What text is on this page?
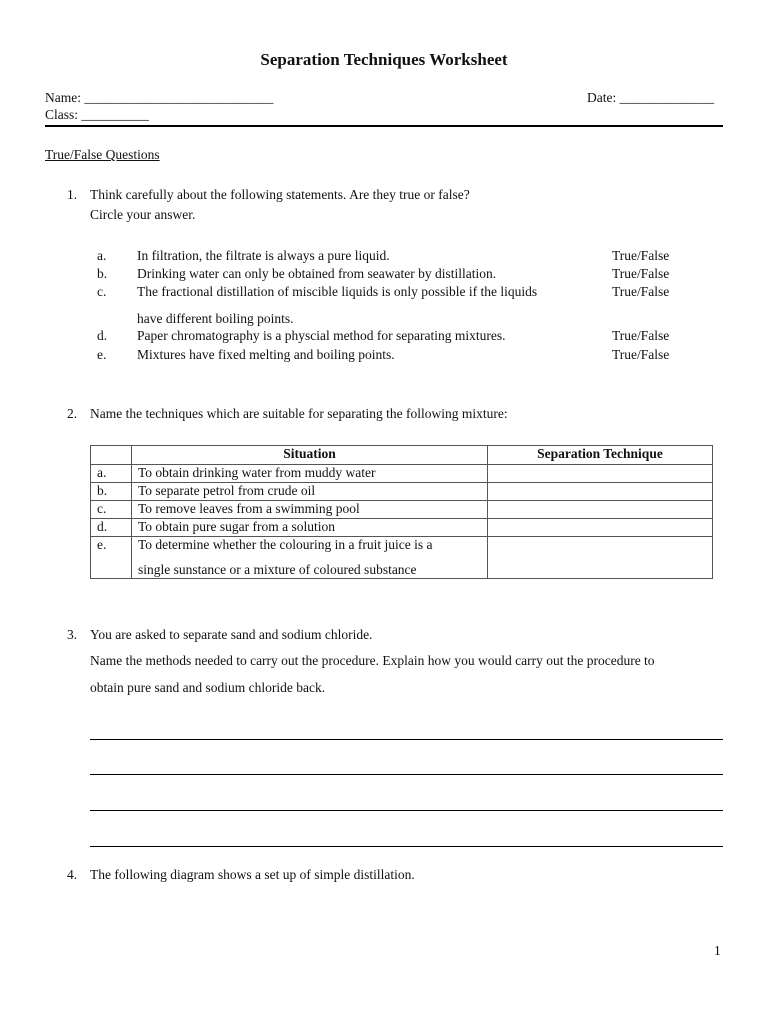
Separation Techniques Worksheet
Name: ____________________________	Date: ______________
Class: __________
True/False Questions
1. Think carefully about the following statements. Are they true or false?
Circle your answer.
a. In filtration, the filtrate is always a pure liquid.	True/False
b. Drinking water can only be obtained from seawater by distillation.	True/False
c. The fractional distillation of miscible liquids is only possible if the liquids	True/False
have different boiling points.
d. Paper chromatography is a physcial method for separating mixtures.	True/False
e. Mixtures have fixed melting and boiling points.	True/False
2. Name the techniques which are suitable for separating the following mixture:
	Situation	Separation Technique
a.	To obtain drinking water from muddy water	
b.	To separate petrol from crude oil	
c.	To remove leaves from a swimming pool	
d.	To obtain pure sugar from a solution	
e.	To determine whether the colouring in a fruit juice is a
single sunstance or a mixture of coloured substance	

3. You are asked to separate sand and sodium chloride.
Name the methods needed to carry out the procedure. Explain how you would carry out the procedure to
obtain pure sand and sodium chloride back.
4. The following diagram shows a set up of simple distillation.
1
